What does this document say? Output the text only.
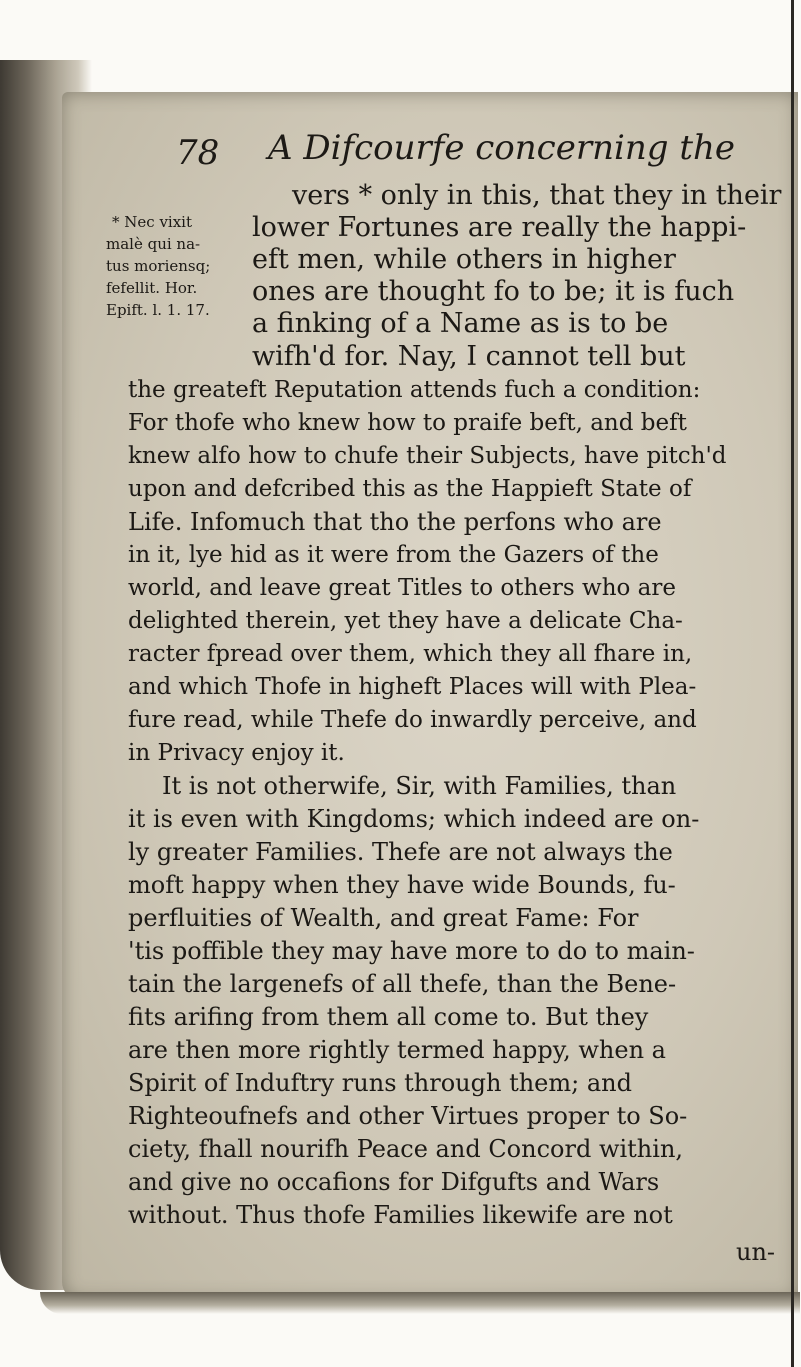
78 A Difcourfe concerning the
* Nec vixit
malè qui na-
tus moriensq;
fefellit. Hor.
Epift. l. 1. 17.
vers * only in this, that they in their
lower Fortunes are really the happi-
eft men, while others in higher
ones are thought fo to be; it is fuch
a finking of a Name as is to be
wifh'd for. Nay, I cannot tell but
the greateft Reputation attends fuch a condition:
For thofe who knew how to praife beft, and beft
knew alfo how to chufe their Subjects, have pitch'd
upon and defcribed this as the Happieft State of
Life. Infomuch that tho the perfons who are
in it, lye hid as it were from the Gazers of the
world, and leave great Titles to others who are
delighted therein, yet they have a delicate Cha-
racter fpread over them, which they all fhare in,
and which Thofe in higheft Places will with Plea-
fure read, while Thefe do inwardly perceive, and
in Privacy enjoy it.
It is not otherwife, Sir, with Families, than
it is even with Kingdoms; which indeed are on-
ly greater Families. Thefe are not always the
moft happy when they have wide Bounds, fu-
perfluities of Wealth, and great Fame: For
'tis poffible they may have more to do to main-
tain the largenefs of all thefe, than the Bene-
fits arifing from them all come to. But they
are then more rightly termed happy, when a
Spirit of Induftry runs through them; and
Righteoufnefs and other Virtues proper to So-
ciety, fhall nourifh Peace and Concord within,
and give no occafions for Difgufts and Wars
without. Thus thofe Families likewife are not
un-
